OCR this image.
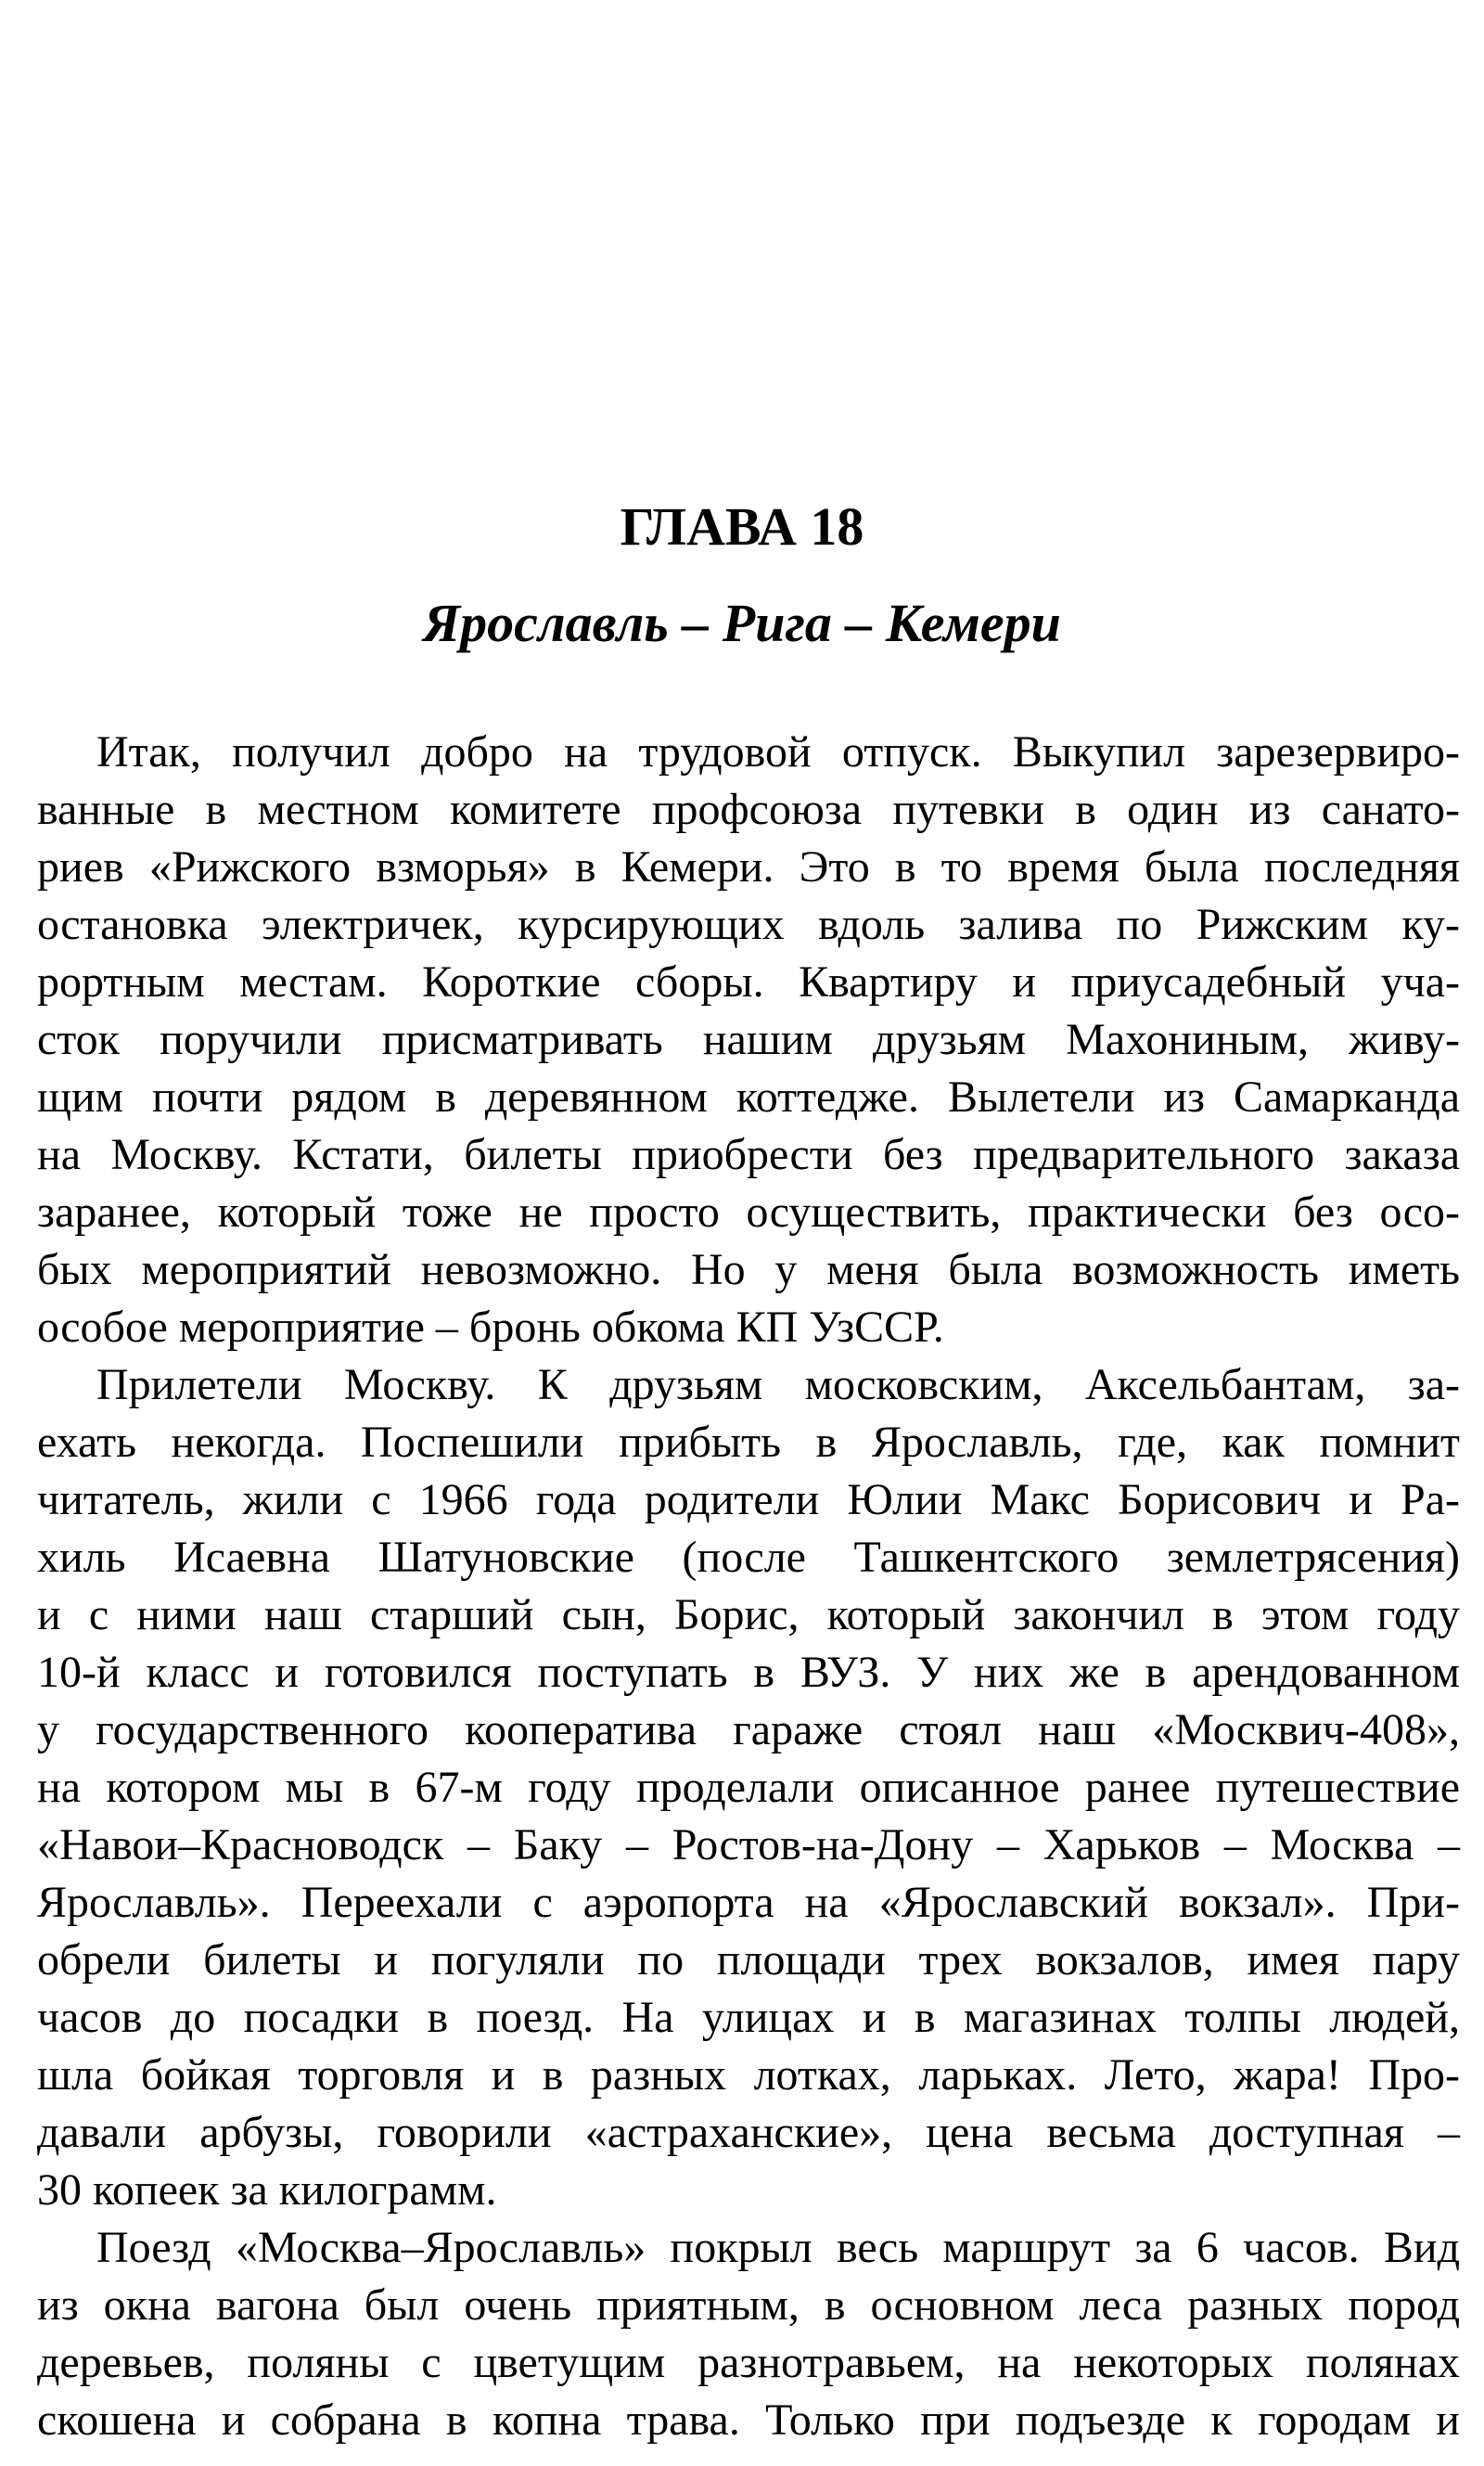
ГЛАВА 18
Ярославль – Рига – Кемери
Итак, получил добро на трудовой отпуск. Выкупил зарезервиро-
ванные в местном комитете профсоюза путевки в один из санато-
риев «Рижского взморья» в Кемери. Это в то время была последняя
остановка электричек, курсирующих вдоль залива по Рижским ку-
рортным местам. Короткие сборы. Квартиру и приусадебный уча-
сток поручили присматривать нашим друзьям Махониным, живу-
щим почти рядом в деревянном коттедже. Вылетели из Самарканда
на Москву. Кстати, билеты приобрести без предварительного заказа
заранее, который тоже не просто осуществить, практически без осо-
бых мероприятий невозможно. Но у меня была возможность иметь
особое мероприятие – бронь обкома КП УзССР.
Прилетели Москву. К друзьям московским, Аксельбантам, за-
ехать некогда. Поспешили прибыть в Ярославль, где, как помнит
читатель, жили с 1966 года родители Юлии Макс Борисович и Ра-
хиль Исаевна Шатуновские (после Ташкентского землетрясения)
и с ними наш старший сын, Борис, который закончил в этом году
10-й класс и готовился поступать в ВУЗ. У них же в арендованном
у государственного кооператива гараже стоял наш «Москвич-408»,
на котором мы в 67-м году проделали описанное ранее путешествие
«Навои–Красноводск – Баку – Ростов-на-Дону – Харьков – Москва –
Ярославль». Переехали с аэропорта на «Ярославский вокзал». При-
обрели билеты и погуляли по площади трех вокзалов, имея пару
часов до посадки в поезд. На улицах и в магазинах толпы людей,
шла бойкая торговля и в разных лотках, ларьках. Лето, жара! Про-
давали арбузы, говорили «астраханские», цена весьма доступная –
30 копеек за килограмм.
Поезд «Москва–Ярославль» покрыл весь маршрут за 6 часов. Вид
из окна вагона был очень приятным, в основном леса разных пород
деревьев, поляны с цветущим разнотравьем, на некоторых полянах
скошена и собрана в копна трава. Только при подъезде к городам и
